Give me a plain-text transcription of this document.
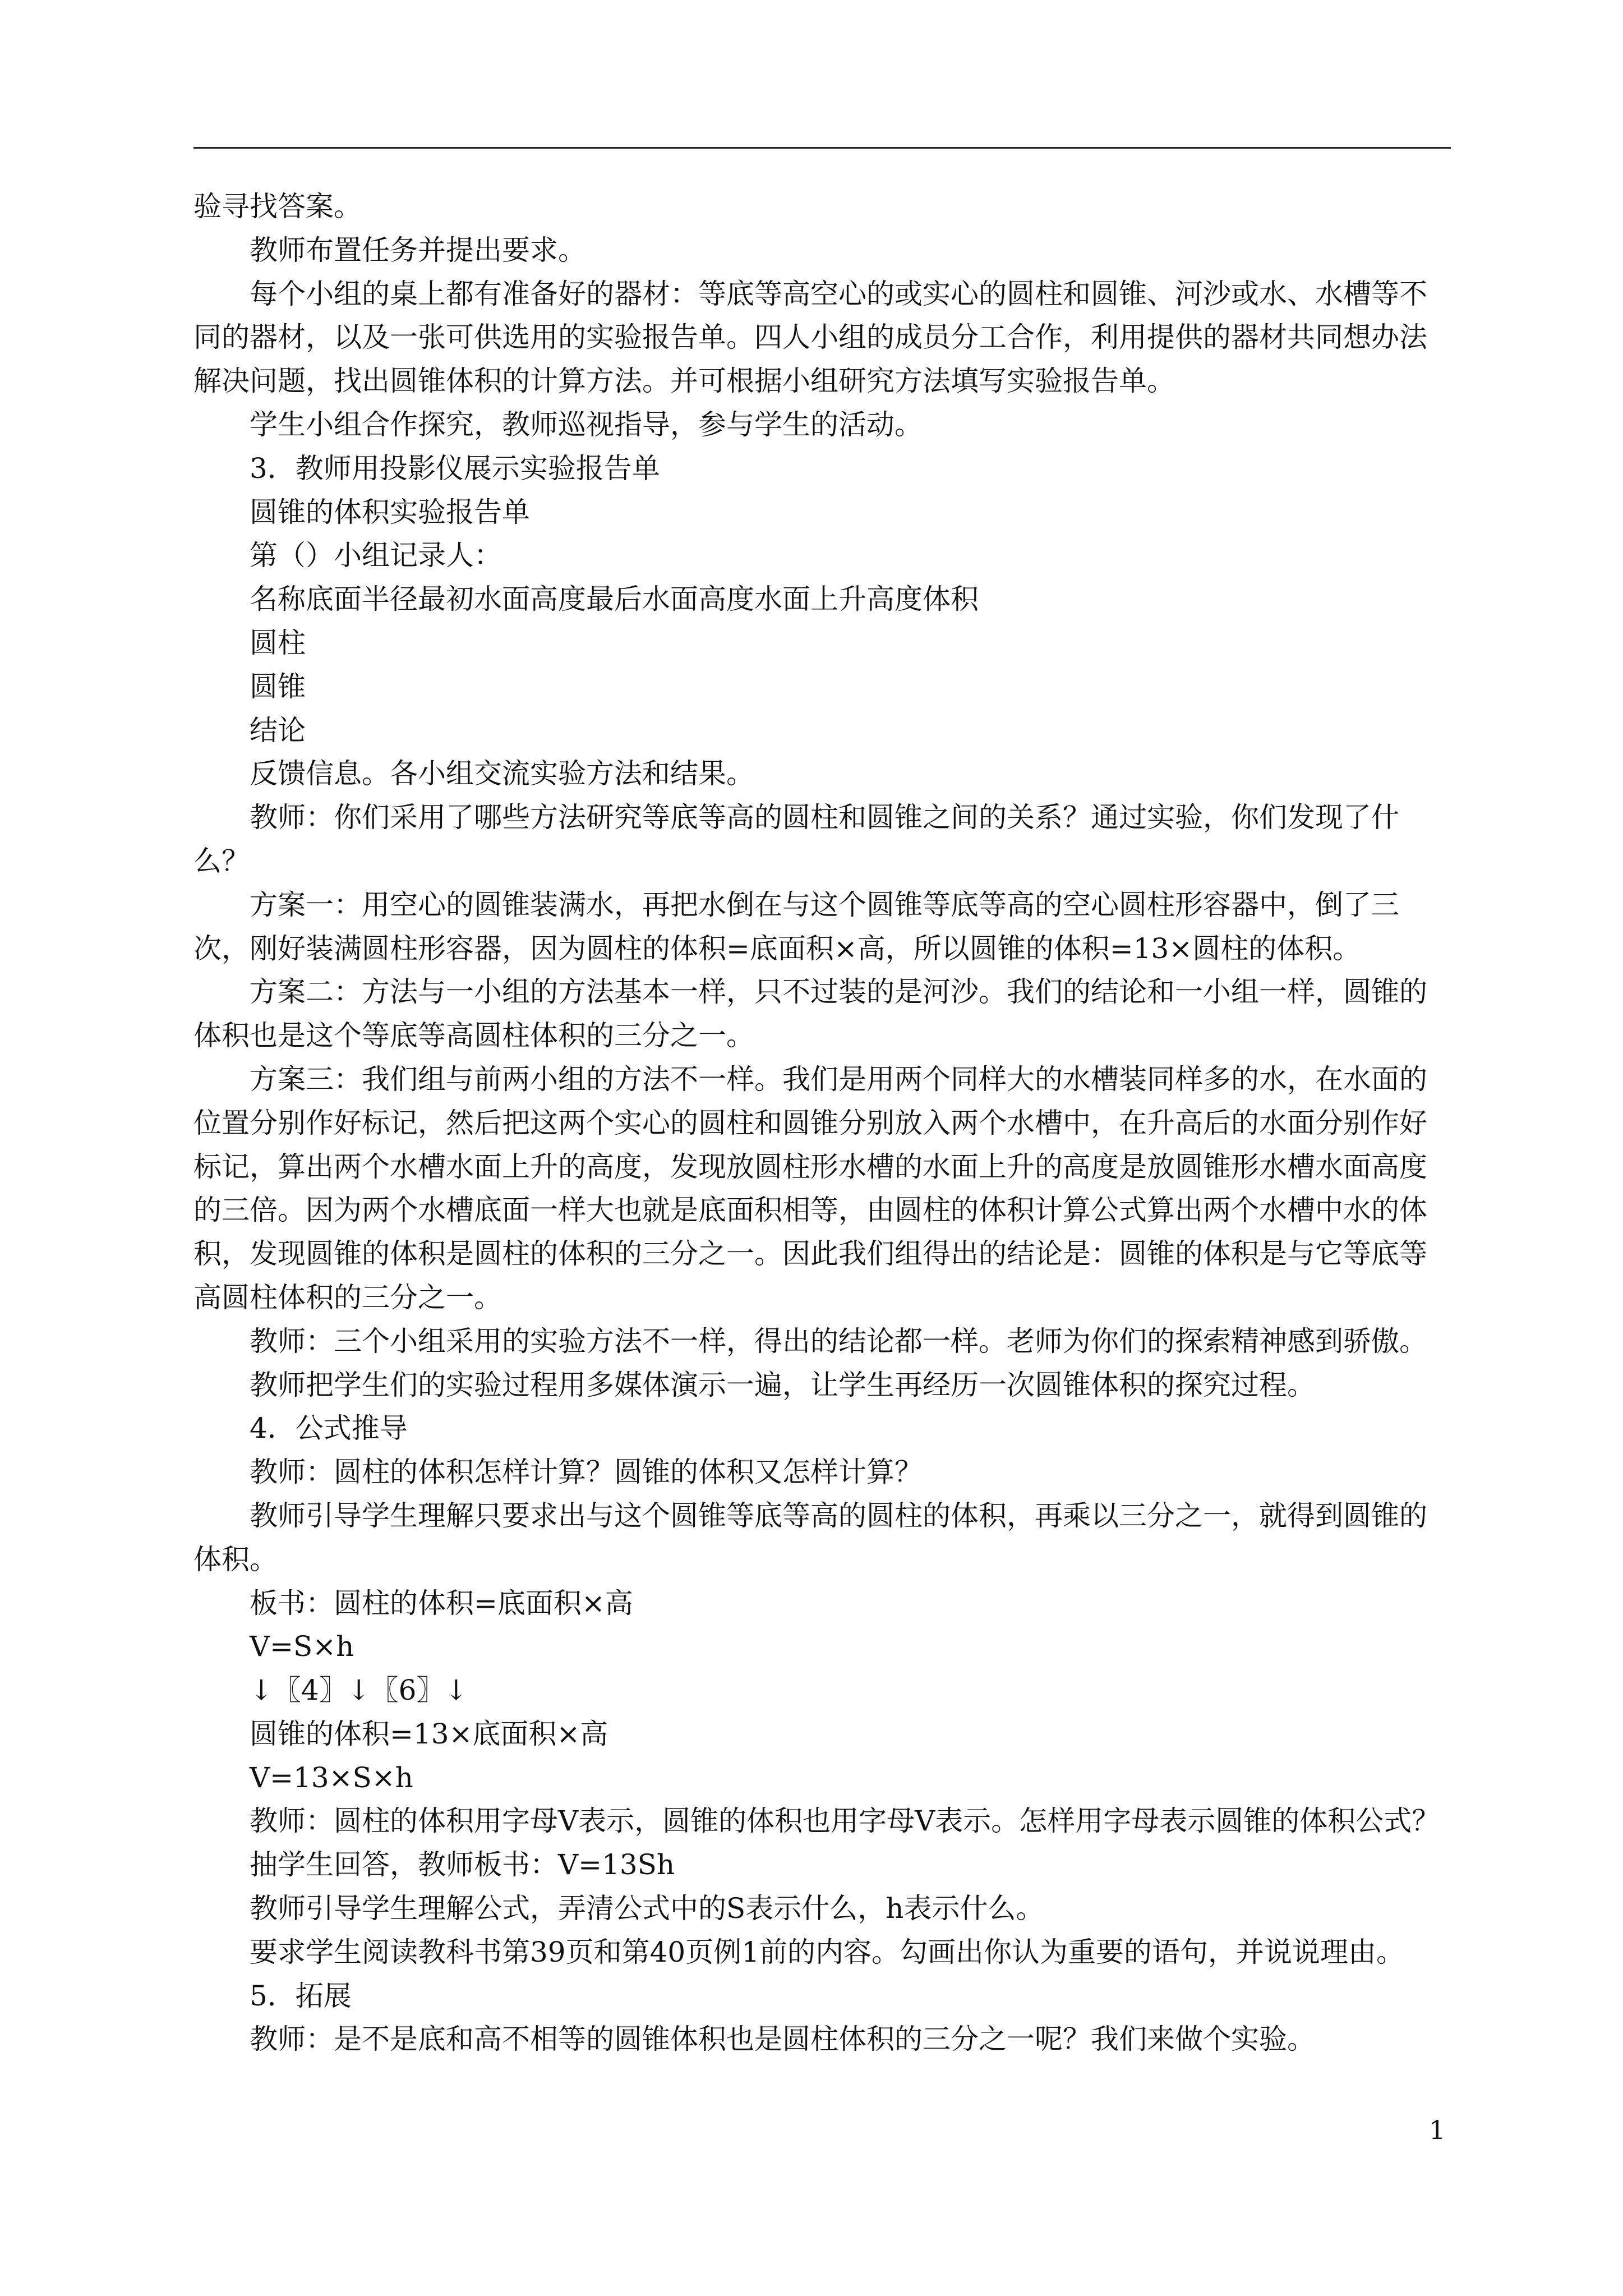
验寻找答案。

教师布置任务并提出要求。

每个小组的桌上都有准备好的器材：等底等高空心的或实心的圆柱和圆锥、河沙或水、水槽等不同的器材，以及一张可供选用的实验报告单。四人小组的成员分工合作，利用提供的器材共同想办法解决问题，找出圆锥体积的计算方法。并可根据小组研究方法填写实验报告单。

学生小组合作探究，教师巡视指导，参与学生的活动。

3．教师用投影仪展示实验报告单

圆锥的体积实验报告单

第（）小组记录人：

名称底面半径最初水面高度最后水面高度水面上升高度体积

圆柱

圆锥

结论

反馈信息。各小组交流实验方法和结果。

教师：你们采用了哪些方法研究等底等高的圆柱和圆锥之间的关系？通过实验，你们发现了什么？

方案一：用空心的圆锥装满水，再把水倒在与这个圆锥等底等高的空心圆柱形容器中，倒了三次，刚好装满圆柱形容器，因为圆柱的体积=底面积×高，所以圆锥的体积=13×圆柱的体积。

方案二：方法与一小组的方法基本一样，只不过装的是河沙。我们的结论和一小组一样，圆锥的体积也是这个等底等高圆柱体积的三分之一。

方案三：我们组与前两小组的方法不一样。我们是用两个同样大的水槽装同样多的水，在水面的位置分别作好标记，然后把这两个实心的圆柱和圆锥分别放入两个水槽中，在升高后的水面分别作好标记，算出两个水槽水面上升的高度，发现放圆柱形水槽的水面上升的高度是放圆锥形水槽水面高度的三倍。因为两个水槽底面一样大也就是底面积相等，由圆柱的体积计算公式算出两个水槽中水的体积，发现圆锥的体积是圆柱的体积的三分之一。因此我们组得出的结论是：圆锥的体积是与它等底等高圆柱体积的三分之一。

教师：三个小组采用的实验方法不一样，得出的结论都一样。老师为你们的探索精神感到骄傲。

教师把学生们的实验过程用多媒体演示一遍，让学生再经历一次圆锥体积的探究过程。

4．公式推导

教师：圆柱的体积怎样计算？圆锥的体积又怎样计算？

教师引导学生理解只要求出与这个圆锥等底等高的圆柱的体积，再乘以三分之一，就得到圆锥的体积。

板书：圆柱的体积=底面积×高

V=S×h

↓〖4〗↓〖6〗↓

圆锥的体积=13×底面积×高

V=13×S×h

教师：圆柱的体积用字母V表示，圆锥的体积也用字母V表示。怎样用字母表示圆锥的体积公式？

抽学生回答，教师板书：V=13Sh

教师引导学生理解公式，弄清公式中的S表示什么，h表示什么。

要求学生阅读教科书第39页和第40页例1前的内容。勾画出你认为重要的语句，并说说理由。

5．拓展

教师：是不是底和高不相等的圆锥体积也是圆柱体积的三分之一呢？我们来做个实验。

1
